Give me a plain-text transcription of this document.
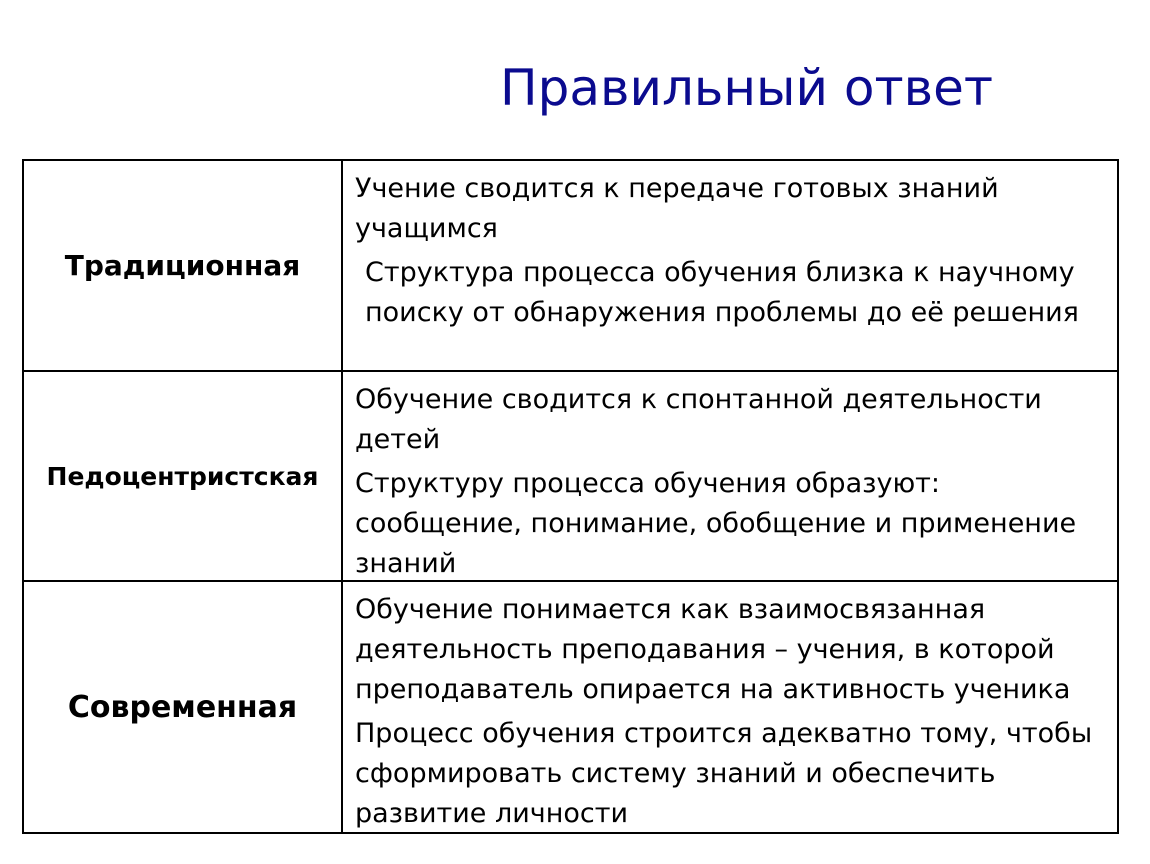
Правильный ответ
Традиционная

Учение сводится к передаче готовых знаний учащимся

Структура процесса обучения близка к научному поиску от обнаружения проблемы до её решения

Педоцентристская

Обучение сводится к спонтанной деятельности детей

Структуру процесса обучения образуют: сообщение, понимание, обобщение и применение знаний

Современная

Обучение понимается как взаимосвязанная деятельность преподавания – учения, в которой преподаватель опирается на активность ученика

Процесс обучения строится адекватно тому, чтобы сформировать систему знаний и обеспечить развитие личности
